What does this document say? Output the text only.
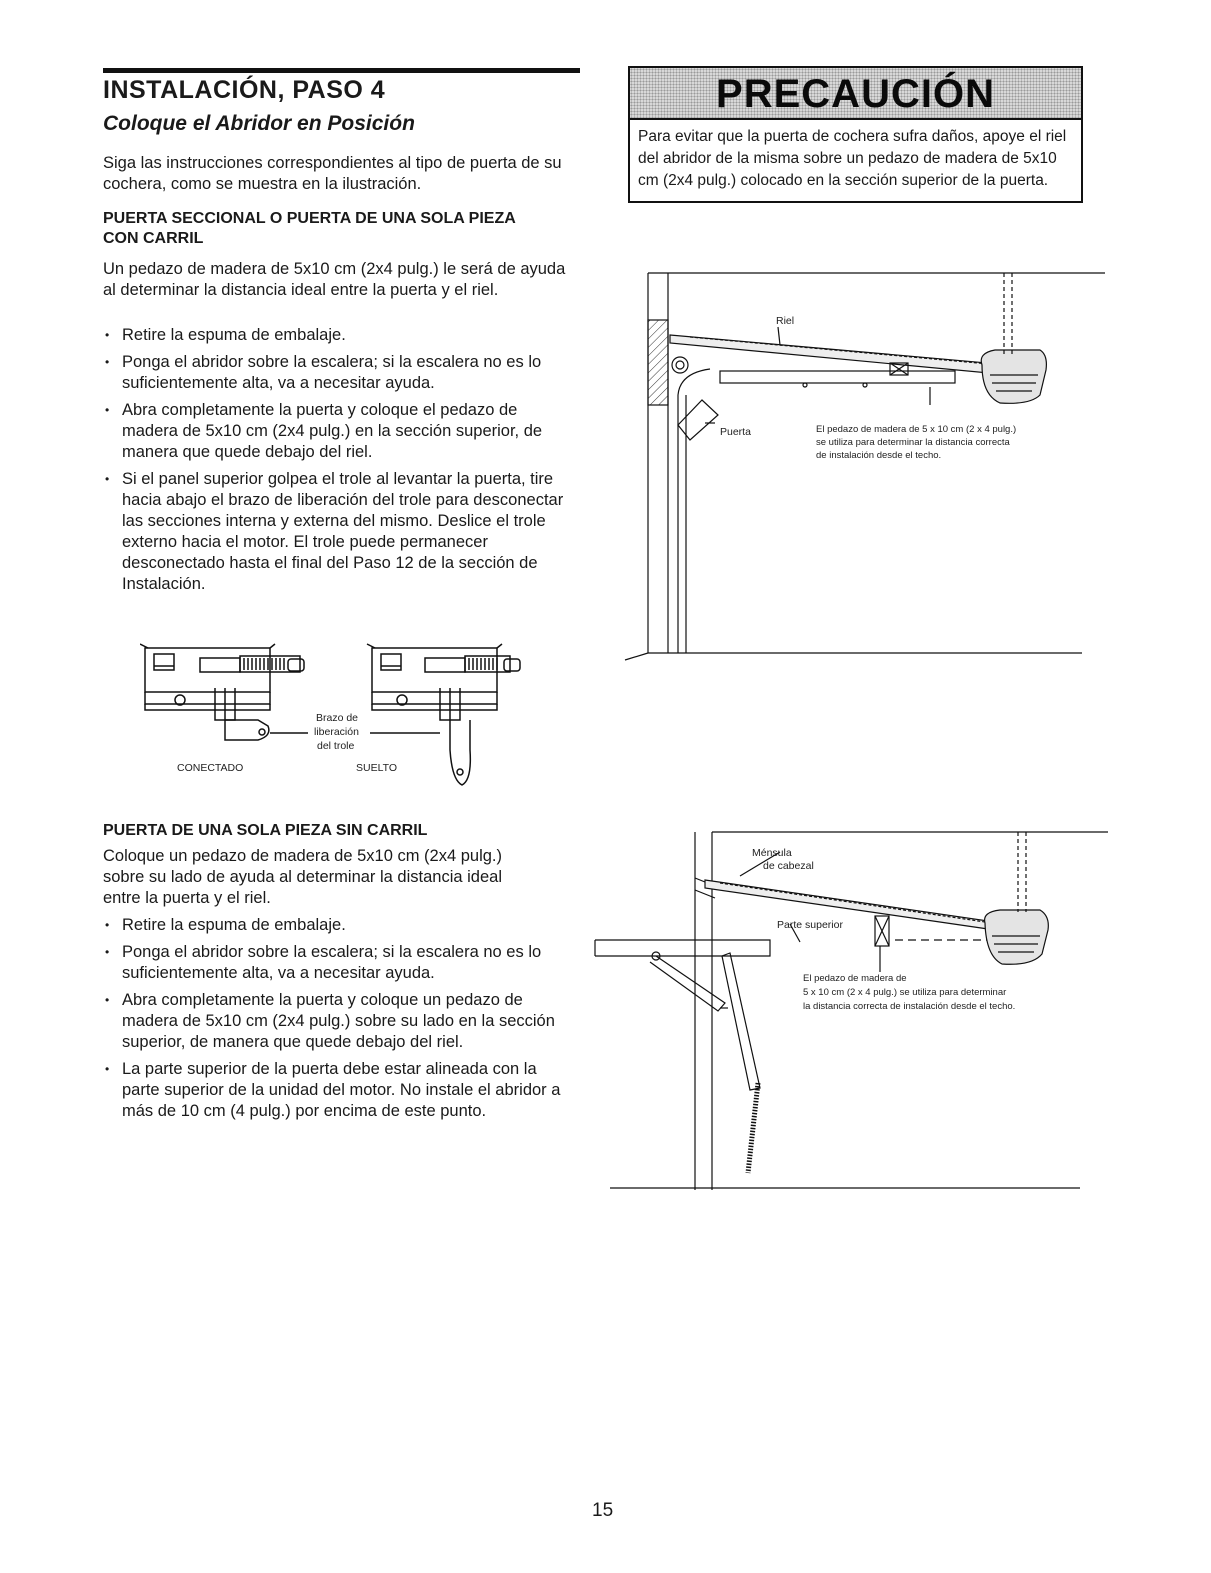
INSTALACIÓN, PASO 4
Coloque el Abridor en Posición

Siga las instrucciones correspondientes al tipo de puerta de su cochera, como se muestra en la ilustración.

PUERTA SECCIONAL O PUERTA DE UNA SOLA PIEZA

CON CARRIL

Un pedazo de madera de 5x10 cm (2x4 pulg.) le será de ayuda al determinar la distancia ideal entre la puerta y el riel.

• Retire la espuma de embalaje.
• Ponga el abridor sobre la escalera; si la escalera no es lo suficientemente alta, va a necesitar ayuda.
• Abra completamente la puerta y coloque el pedazo de madera de 5x10 cm (2x4 pulg.) en la sección superior, de manera que quede debajo del riel.
• Si el panel superior golpea el trole al levantar la puerta, tire hacia abajo el brazo de liberación del trole para desconectar las secciones interna y externa del mismo. Deslice el trole externo hacia el motor. El trole puede permanecer desconectado hasta el final del Paso 12 de la sección de Instalación.
Brazo de
liberación
del trole
CONECTADO	SUELTO

PUERTA DE UNA SOLA PIEZA SIN CARRIL

Coloque un pedazo de madera de 5x10 cm (2x4 pulg.) sobre su lado de ayuda al determinar la distancia ideal entre la puerta y el riel.

• Retire la espuma de embalaje.
• Ponga el abridor sobre la escalera; si la escalera no es lo suficientemente alta, va a necesitar ayuda.
• Abra completamente la puerta y coloque un pedazo de madera de 5x10 cm (2x4 pulg.) sobre su lado en la sección superior, de manera que quede debajo del riel.
• La parte superior de la puerta debe estar alineada con la parte superior de la unidad del motor. No instale el abridor a más de 10 cm (4 pulg.) por encima de este punto.
PRECAUCIÓN
Para evitar que la puerta de cochera sufra daños, apoye el riel del abridor de la misma sobre un pedazo de madera de 5x10 cm (2x4 pulg.) colocado en la sección superior de la puerta.
Riel
Puerta	El pedazo de madera de 5 x 10 cm (2 x 4 pulg.)
se utiliza para determinar la distancia correcta
de instalación desde el techo.
Ménsula
de cabezal
Parte superior
El pedazo de madera de
5 x 10 cm (2 x 4 pulg.) se utiliza para determinar
la distancia correcta de instalación desde el techo.
15
